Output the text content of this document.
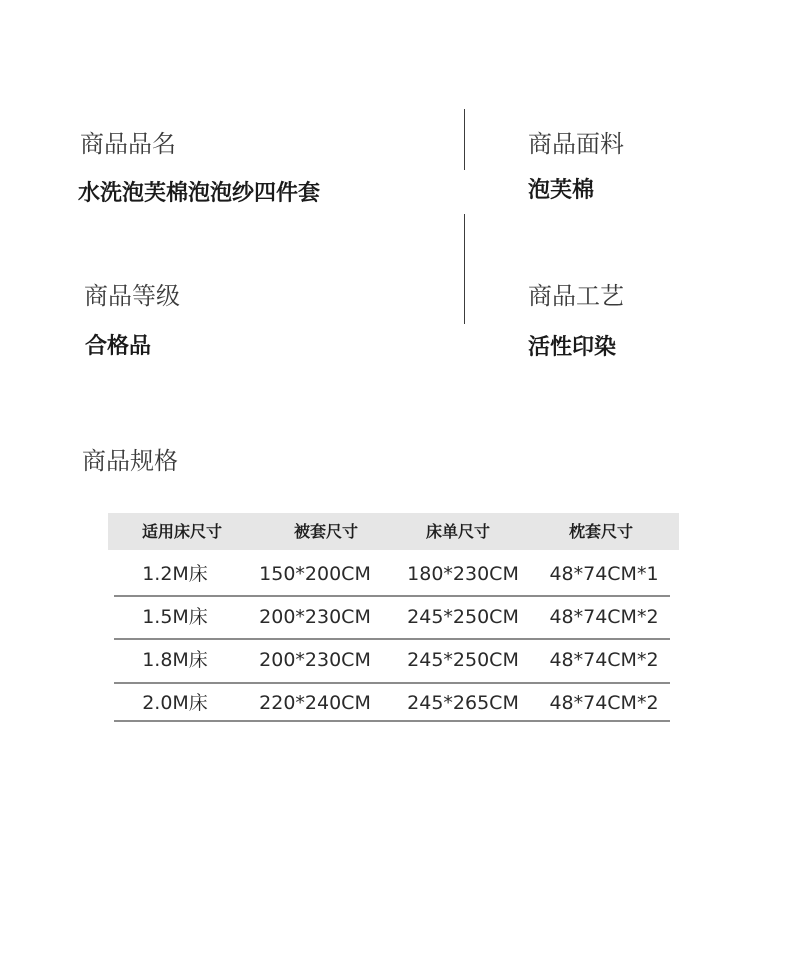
商品品名
水洗泡芙棉泡泡纱四件套
商品面料
泡芙棉
商品等级
合格品
商品工艺
活性印染
商品规格
适用床尺寸	被套尺寸	床单尺寸	枕套尺寸
1.2M床	150*200CM	180*230CM	48*74CM*1
1.5M床	200*230CM	245*250CM	48*74CM*2
1.8M床	200*230CM	245*250CM	48*74CM*2
2.0M床	220*240CM	245*265CM	48*74CM*2
